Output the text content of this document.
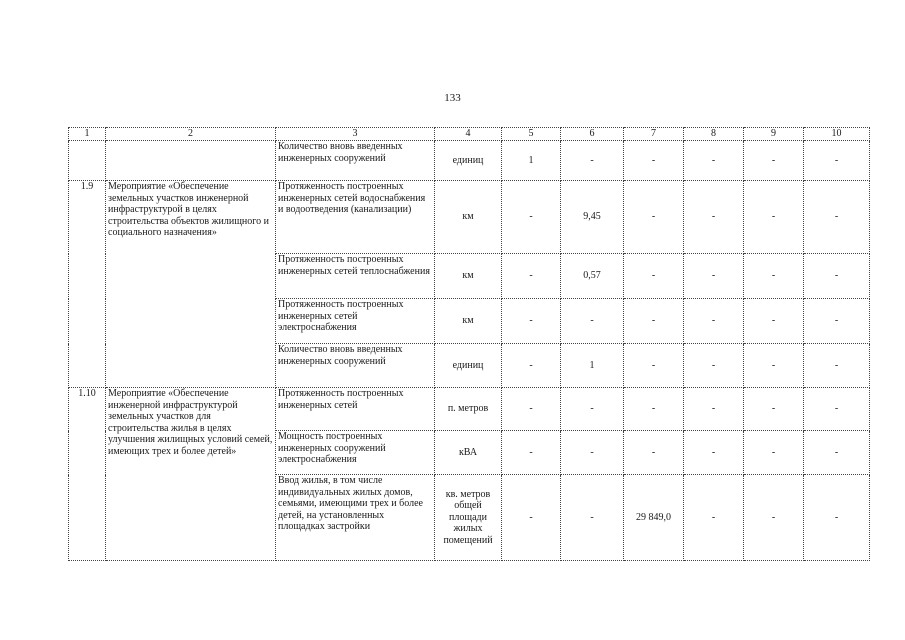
133
1	2	3	4	5	6	7	8	9	10
		Количество вновь введенных инженерных сооружений	единиц	1	-	-	-	-	-
1.9	Мероприятие «Обеспечение земельных участков инженерной инфраструктурой в целях строительства объектов жилищного и социального назначения»	Протяженность построенных инженерных сетей водоснабжения и водоотведения (канализации)	км	-	9,45	-	-	-	-
		Протяженность построенных инженерных сетей теплоснабжения	км	-	0,57	-	-	-	-
		Протяженность построенных инженерных сетей электроснабжения	км	-	-	-	-	-	-
		Количество вновь введенных инженерных сооружений	единиц	-	1	-	-	-	-
1.10	Мероприятие «Обеспечение инженерной инфраструктурой земельных участков для строительства жилья в целях улучшения жилищных условий семей, имеющих трех и более детей»	Протяженность построенных инженерных сетей	п. метров	-	-	-	-	-	-
		Мощность построенных инженерных сооружений электроснабжения	кВА	-	-	-	-	-	-
		Ввод жилья, в том числе индивидуальных жилых домов, семьями, имеющими трех и более детей, на установленных площадках застройки	кв. метров общей площади жилых помещений	-	-	29 849,0	-	-	-
